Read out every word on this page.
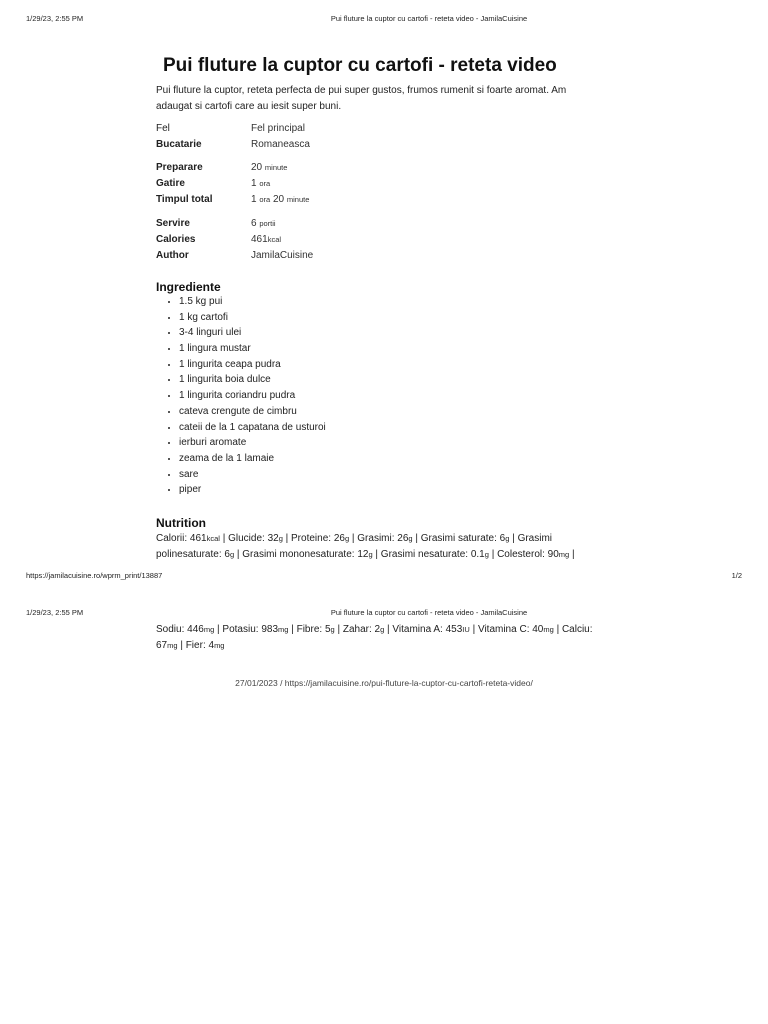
1/29/23, 2:55 PM	Pui fluture la cuptor cu cartofi - reteta video - JamilaCuisine
Pui fluture la cuptor cu cartofi - reteta video

Pui fluture la cuptor, reteta perfecta de pui super gustos, frumos rumenit si foarte aromat. Am adaugat si cartofi care au iesit super buni.

Fel	Fel principal
Bucatarie	Romaneasca
Preparare	20 minute
Gatire	1 ora
Timpul total	1 ora 20 minute
Servire	6 portii
Calories	461kcal
Author	JamilaCuisine
Ingrediente
• 1.5 kg pui
• 1 kg cartofi
• 3-4 linguri ulei
• 1 lingura mustar
• 1 lingurita ceapa pudra
• 1 lingurita boia dulce
• 1 lingurita coriandru pudra
• cateva crengute de cimbru
• cateii de la 1 capatana de usturoi
• ierburi aromate
• zeama de la 1 lamaie
• sare
• piper
Nutrition
Calorii: 461kcal | Glucide: 32g | Proteine: 26g | Grasimi: 26g | Grasimi saturate: 6g | Grasimi polinesaturate: 6g | Grasimi mononesaturate: 12g | Grasimi nesaturate: 0.1g | Colesterol: 90mg |
https://jamilacuisine.ro/wprm_print/13887	1/2
1/29/23, 2:55 PM	Pui fluture la cuptor cu cartofi - reteta video - JamilaCuisine
Sodiu: 446mg | Potasiu: 983mg | Fibre: 5g | Zahar: 2g | Vitamina A: 453IU | Vitamina C: 40mg | Calciu: 67mg | Fier: 4mg
27/01/2023 / https://jamilacuisine.ro/pui-fluture-la-cuptor-cu-cartofi-reteta-video/
